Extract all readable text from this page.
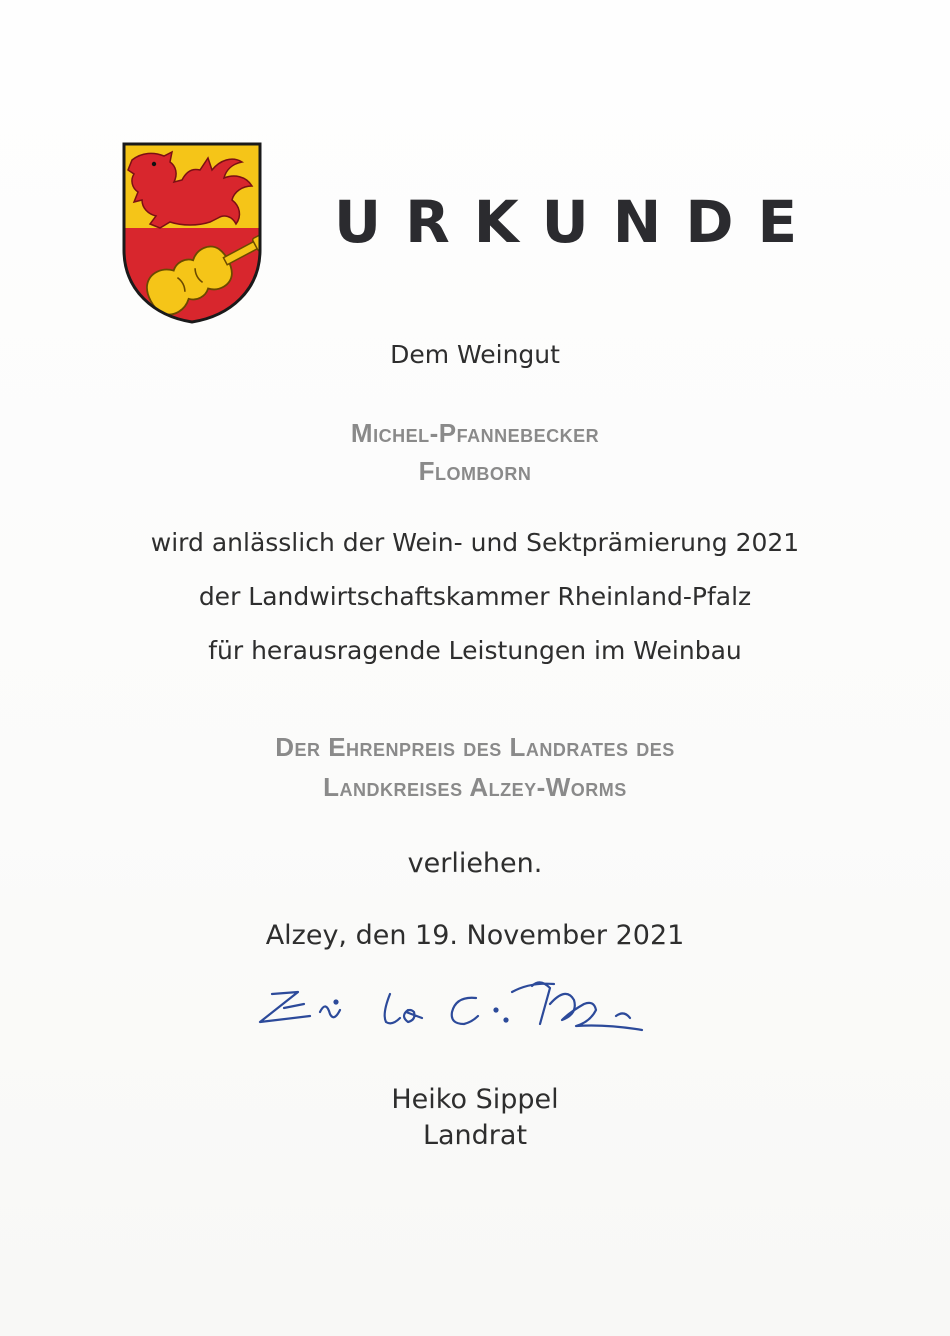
URKUNDE
Dem Weingut
Michel-Pfannebecker
Flomborn
wird anlässlich der Wein- und Sektprämierung 2021
der Landwirtschaftskammer Rheinland-Pfalz
für herausragende Leistungen im Weinbau
Der Ehrenpreis des Landrates des
Landkreises Alzey-Worms
verliehen.
Alzey, den 19. November 2021
Heiko Sippel
Landrat
